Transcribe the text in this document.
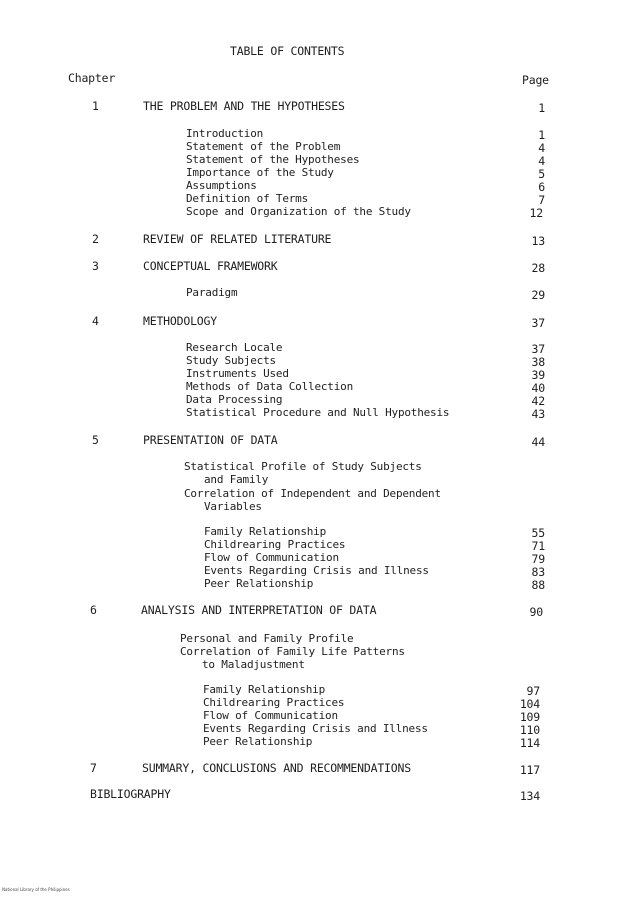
TABLE OF CONTENTS
Chapter	Page
1	THE PROBLEM AND THE HYPOTHESES	1
Introduction	1
Statement of the Problem	4
Statement of the Hypotheses	4
Importance of the Study	5
Assumptions	6
Definition of Terms	7
Scope and Organization of the Study	12
2	REVIEW OF RELATED LITERATURE	13
3	CONCEPTUAL FRAMEWORK	28
Paradigm	29
4	METHODOLOGY	37
Research Locale	37
Study Subjects	38
Instruments Used	39
Methods of Data Collection	40
Data Processing	42
Statistical Procedure and Null Hypothesis	43
5	PRESENTATION OF DATA	44
Statistical Profile of Study Subjects
and Family
Correlation of Independent and Dependent
Variables
Family Relationship	55
Childrearing Practices	71
Flow of Communication	79
Events Regarding Crisis and Illness	83
Peer Relationship	88
6	ANALYSIS AND INTERPRETATION OF DATA	90
Personal and Family Profile
Correlation of Family Life Patterns
to Maladjustment
Family Relationship	97
Childrearing Practices	104
Flow of Communication	109
Events Regarding Crisis and Illness	110
Peer Relationship	114
7	SUMMARY, CONCLUSIONS AND RECOMMENDATIONS	117
BIBLIOGRAPHY	134
National Library of the Philippines
